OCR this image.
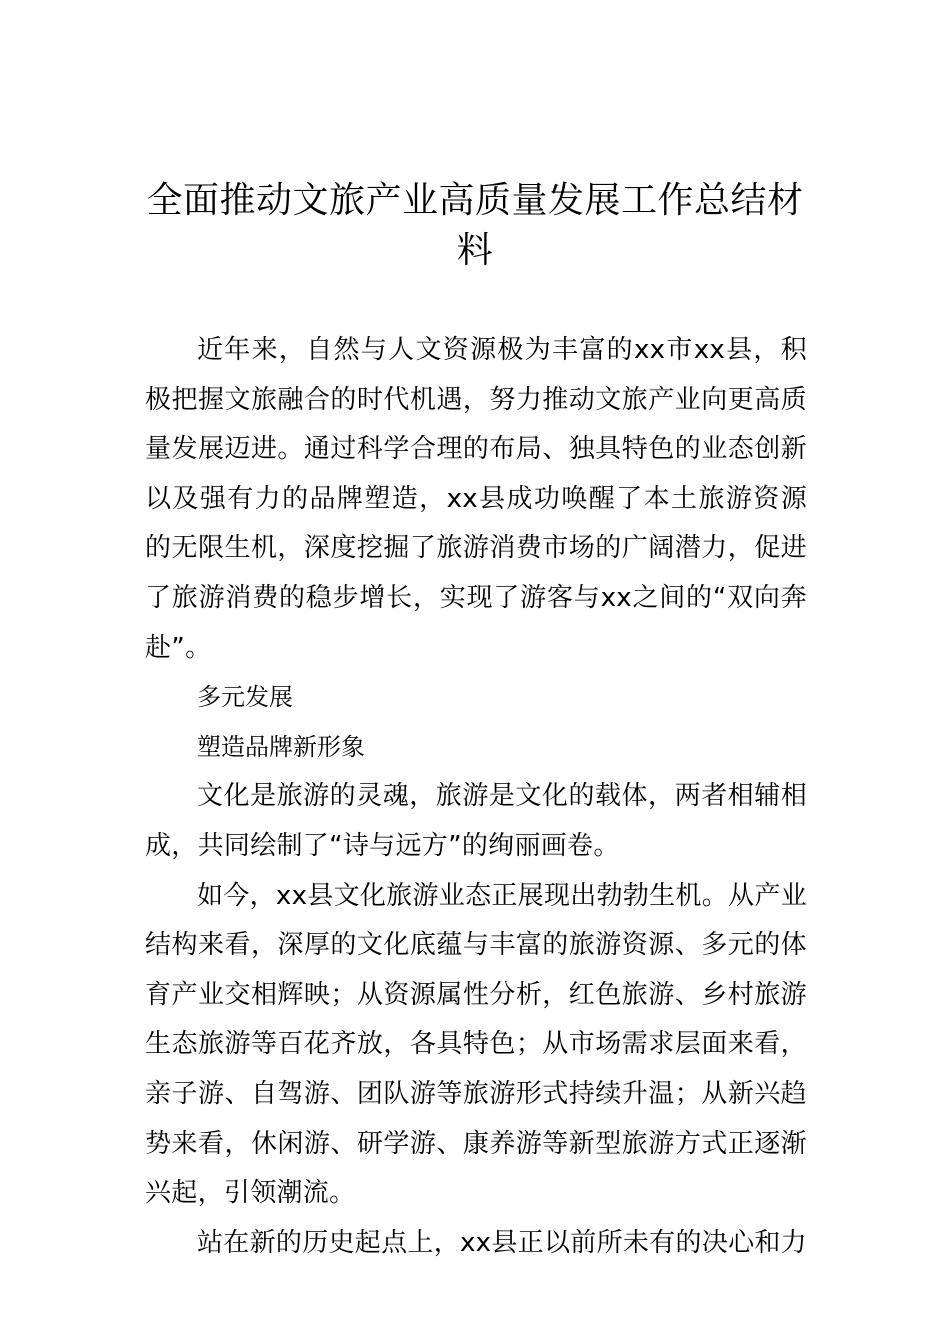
全面推动文旅产业高质量发展工作总结材料

近年来，自然与人文资源极为丰富的xx市xx县，积极把握文旅融合的时代机遇，努力推动文旅产业向更高质量发展迈进。通过科学合理的布局、独具特色的业态创新以及强有力的品牌塑造，xx县成功唤醒了本土旅游资源的无限生机，深度挖掘了旅游消费市场的广阔潜力，促进了旅游消费的稳步增长，实现了游客与xx之间的“双向奔赴”。

多元发展

塑造品牌新形象

文化是旅游的灵魂，旅游是文化的载体，两者相辅相成，共同绘制了“诗与远方”的绚丽画卷。

如今，xx县文化旅游业态正展现出勃勃生机。从产业结构来看，深厚的文化底蕴与丰富的旅游资源、多元的体育产业交相辉映；从资源属性分析，红色旅游、乡村旅游生态旅游等百花齐放，各具特色；从市场需求层面来看，亲子游、自驾游、团队游等旅游形式持续升温；从新兴趋势来看，休闲游、研学游、康养游等新型旅游方式正逐渐兴起，引领潮流。

站在新的历史起点上，xx县正以前所未有的决心和力
